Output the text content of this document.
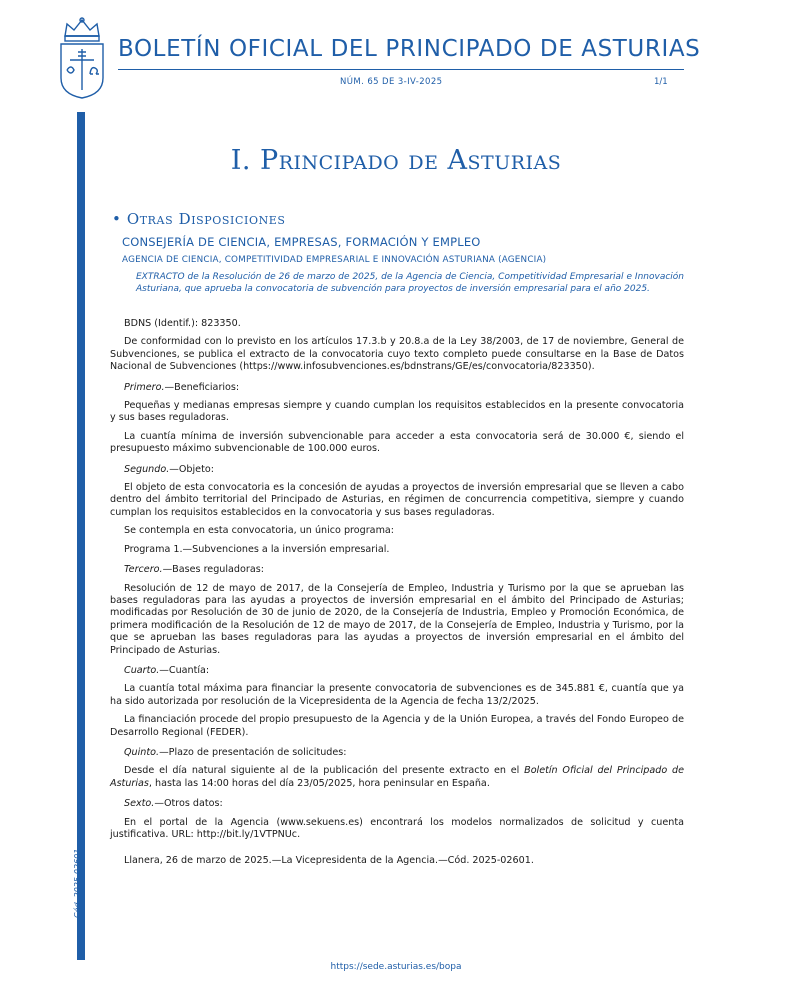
BOLETÍN OFICIAL DEL PRINCIPADO DE ASTURIAS
NÚM. 65 DE 3-IV-2025	1/1
Cód. 2025-02601
I. Principado de Asturias
• Otras Disposiciones
CONSEJERÍA DE CIENCIA, EMPRESAS, FORMACIÓN Y EMPLEO
AGENCIA DE CIENCIA, COMPETITIVIDAD EMPRESARIAL E INNOVACIÓN ASTURIANA (AGENCIA)
EXTRACTO de la Resolución de 26 de marzo de 2025, de la Agencia de Ciencia, Competitividad Empresarial e Innovación Asturiana, que aprueba la convocatoria de subvención para proyectos de inversión empresarial para el año 2025.

BDNS (Identif.): 823350.

De conformidad con lo previsto en los artículos 17.3.b y 20.8.a de la Ley 38/2003, de 17 de noviembre, General de Subvenciones, se publica el extracto de la convocatoria cuyo texto completo puede consultarse en la Base de Datos Nacional de Subvenciones (https://www.infosubvenciones.es/bdnstrans/GE/es/convocatoria/823350).

Primero.—Beneficiarios:

Pequeñas y medianas empresas siempre y cuando cumplan los requisitos establecidos en la presente convocatoria y sus bases reguladoras.

La cuantía mínima de inversión subvencionable para acceder a esta convocatoria será de 30.000 €, siendo el presupuesto máximo subvencionable de 100.000 euros.

Segundo.—Objeto:

El objeto de esta convocatoria es la concesión de ayudas a proyectos de inversión empresarial que se lleven a cabo dentro del ámbito territorial del Principado de Asturias, en régimen de concurrencia competitiva, siempre y cuando cumplan los requisitos establecidos en la convocatoria y sus bases reguladoras.

Se contempla en esta convocatoria, un único programa:

Programa 1.—Subvenciones a la inversión empresarial.

Tercero.—Bases reguladoras:

Resolución de 12 de mayo de 2017, de la Consejería de Empleo, Industria y Turismo por la que se aprueban las bases reguladoras para las ayudas a proyectos de inversión empresarial en el ámbito del Principado de Asturias; modificadas por Resolución de 30 de junio de 2020, de la Consejería de Industria, Empleo y Promoción Económica, de primera modificación de la Resolución de 12 de mayo de 2017, de la Consejería de Empleo, Industria y Turismo, por la que se aprueban las bases reguladoras para las ayudas a proyectos de inversión empresarial en el ámbito del Principado de Asturias.

Cuarto.—Cuantía:

La cuantía total máxima para financiar la presente convocatoria de subvenciones es de 345.881 €, cuantía que ya ha sido autorizada por resolución de la Vicepresidenta de la Agencia de fecha 13/2/2025.

La financiación procede del propio presupuesto de la Agencia y de la Unión Europea, a través del Fondo Europeo de Desarrollo Regional (FEDER).

Quinto.—Plazo de presentación de solicitudes:

Desde el día natural siguiente al de la publicación del presente extracto en el Boletín Oficial del Principado de Asturias, hasta las 14:00 horas del día 23/05/2025, hora peninsular en España.

Sexto.—Otros datos:

En el portal de la Agencia (www.sekuens.es) encontrará los modelos normalizados de solicitud y cuenta justificativa. URL: http://bit.ly/1VTPNUc.

Llanera, 26 de marzo de 2025.—La Vicepresidenta de la Agencia.—Cód. 2025-02601.

https://sede.asturias.es/bopa
